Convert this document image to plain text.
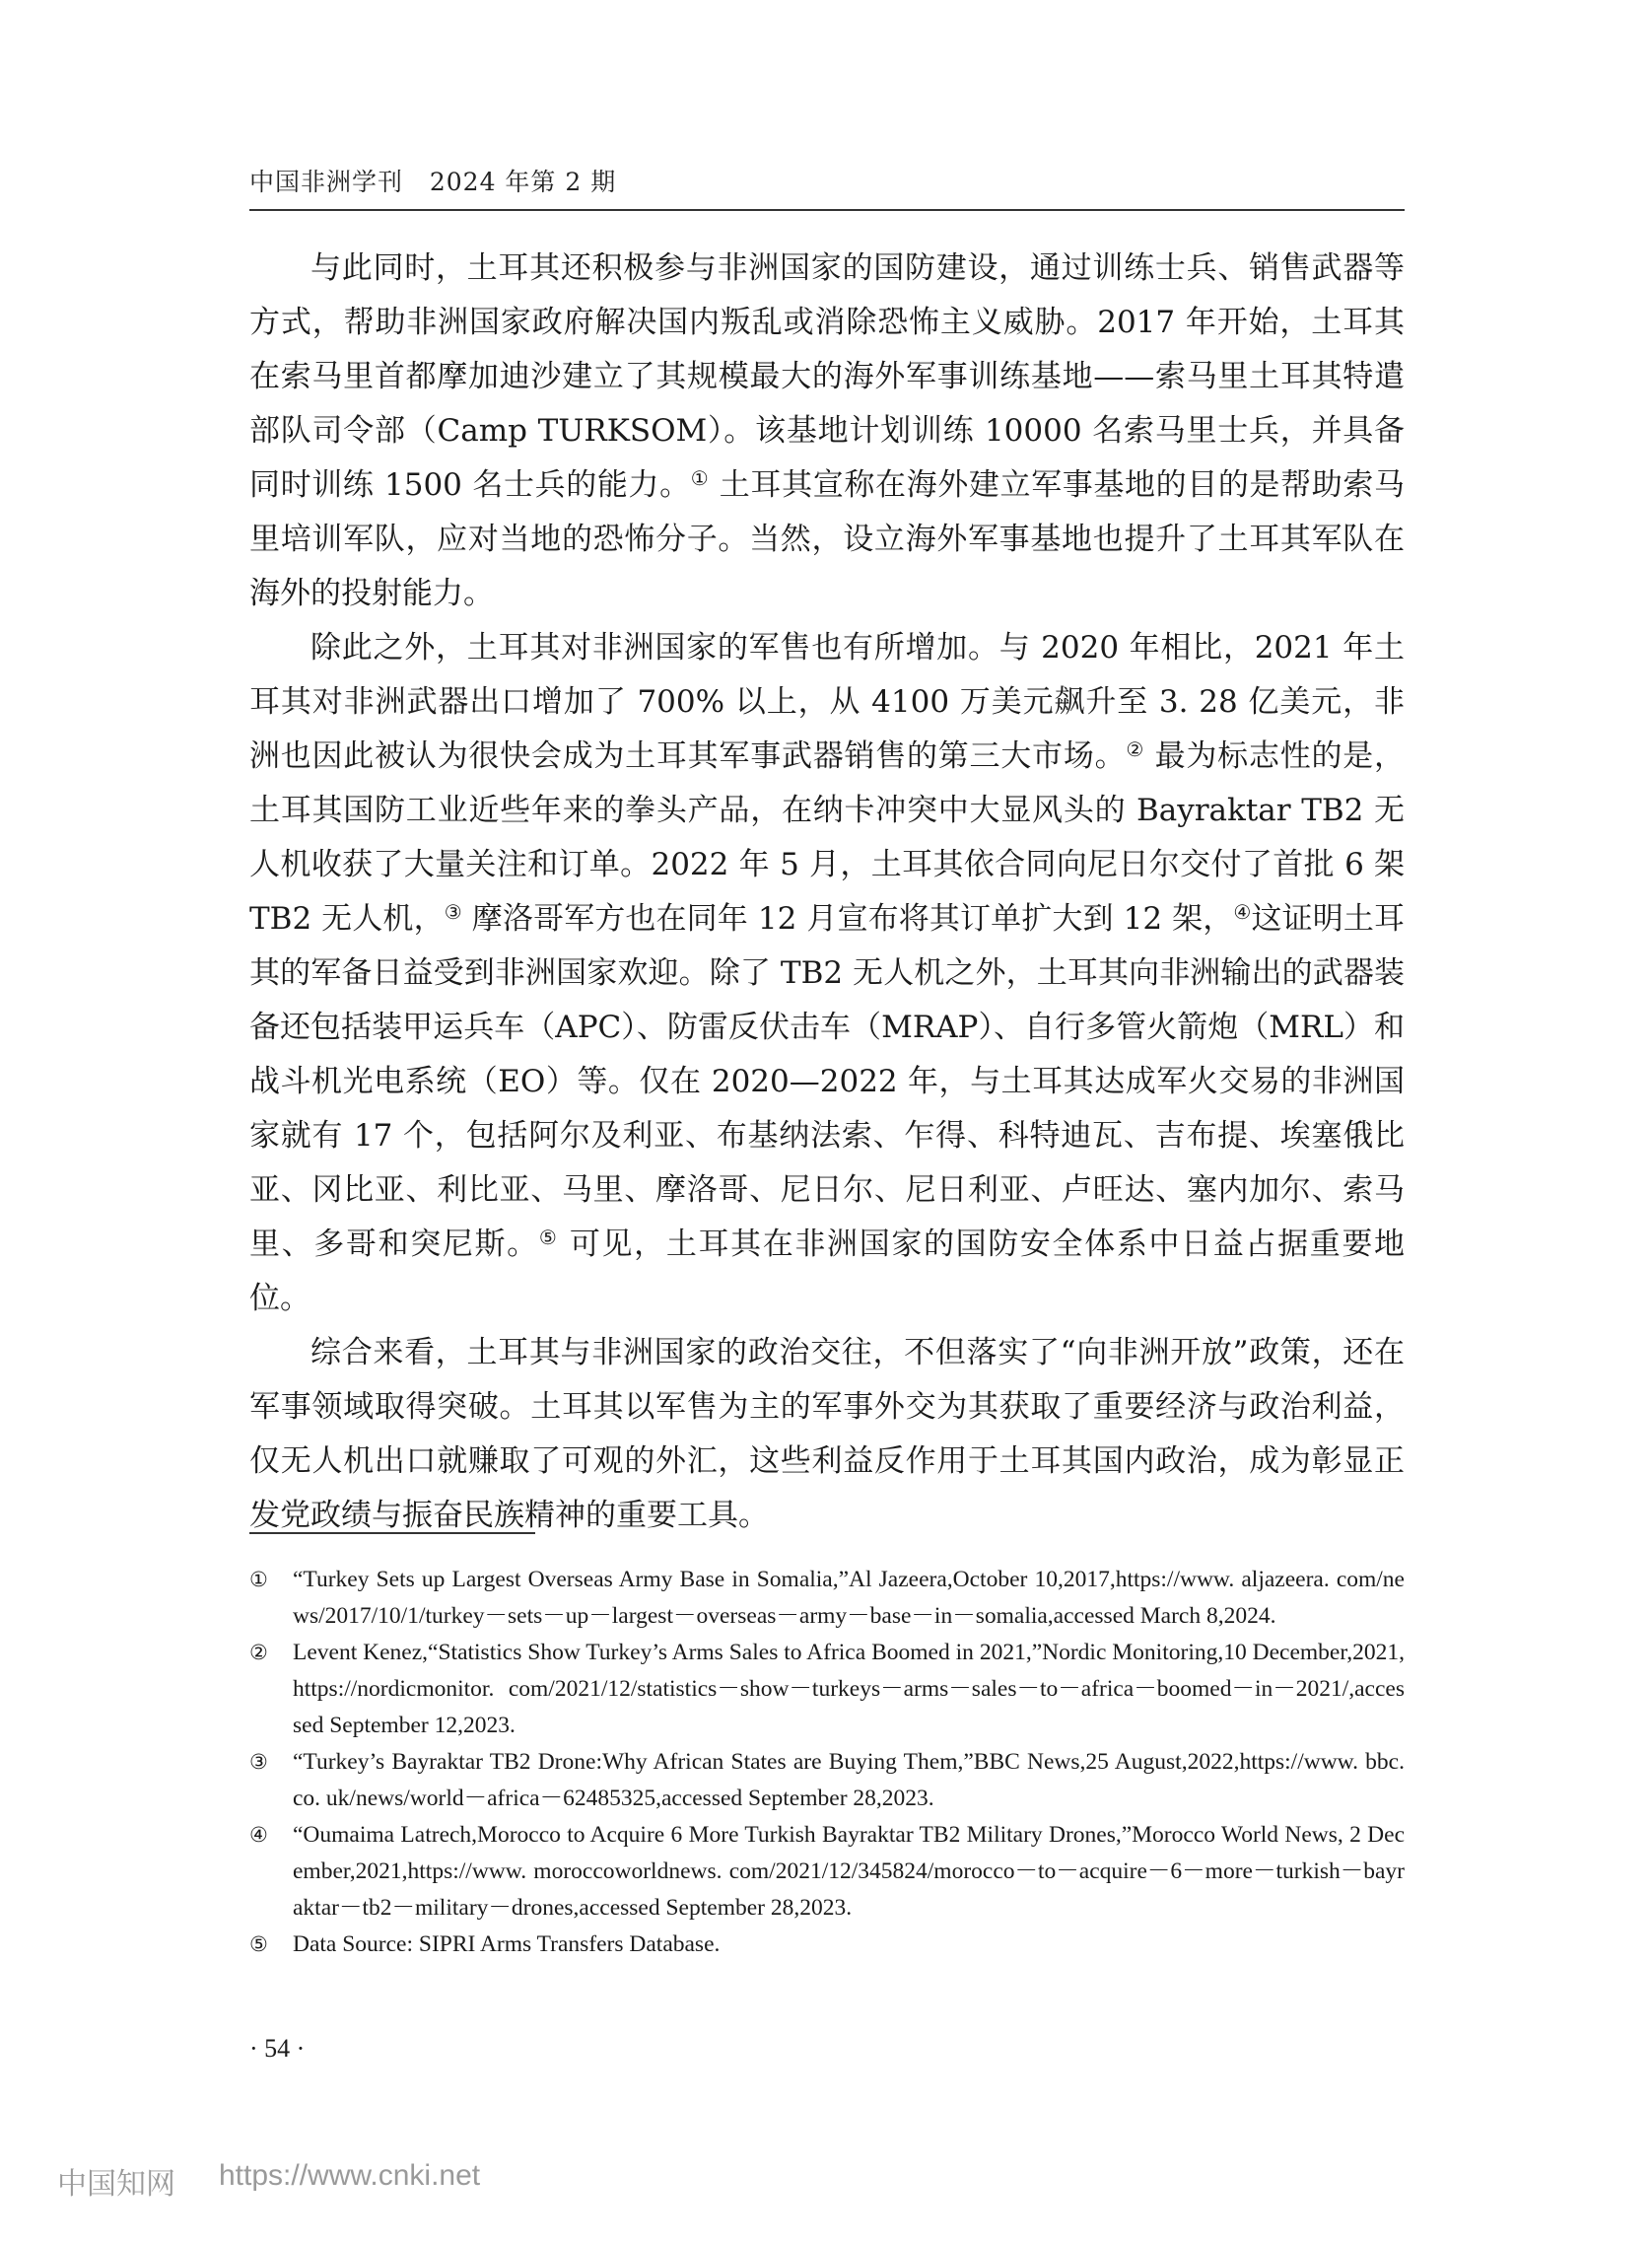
中国非洲学刊 2024 年第 2 期

与此同时，土耳其还积极参与非洲国家的国防建设，通过训练士兵、销售武器等方式，帮助非洲国家政府解决国内叛乱或消除恐怖主义威胁。2017 年开始，土耳其在索马里首都摩加迪沙建立了其规模最大的海外军事训练基地——索马里土耳其特遣部队司令部（Camp TURKSOM）。该基地计划训练 10000 名索马里士兵，并具备同时训练 1500 名士兵的能力。① 土耳其宣称在海外建立军事基地的目的是帮助索马里培训军队，应对当地的恐怖分子。当然，设立海外军事基地也提升了土耳其军队在海外的投射能力。

除此之外，土耳其对非洲国家的军售也有所增加。与 2020 年相比，2021 年土耳其对非洲武器出口增加了 700% 以上，从 4100 万美元飙升至 3. 28 亿美元，非洲也因此被认为很快会成为土耳其军事武器销售的第三大市场。② 最为标志性的是，土耳其国防工业近些年来的拳头产品，在纳卡冲突中大显风头的 Bayraktar TB2 无人机收获了大量关注和订单。2022 年 5 月，土耳其依合同向尼日尔交付了首批 6 架 TB2 无人机，③ 摩洛哥军方也在同年 12 月宣布将其订单扩大到 12 架，④这证明土耳其的军备日益受到非洲国家欢迎。除了 TB2 无人机之外，土耳其向非洲输出的武器装备还包括装甲运兵车（APC）、防雷反伏击车（MRAP）、自行多管火箭炮（MRL）和战斗机光电系统（EO）等。仅在 2020—2022 年，与土耳其达成军火交易的非洲国家就有 17 个，包括阿尔及利亚、布基纳法索、乍得、科特迪瓦、吉布提、埃塞俄比亚、冈比亚、利比亚、马里、摩洛哥、尼日尔、尼日利亚、卢旺达、塞内加尔、索马里、多哥和突尼斯。⑤ 可见，土耳其在非洲国家的国防安全体系中日益占据重要地位。

综合来看，土耳其与非洲国家的政治交往，不但落实了“向非洲开放”政策，还在军事领域取得突破。土耳其以军售为主的军事外交为其获取了重要经济与政治利益，仅无人机出口就赚取了可观的外汇，这些利益反作用于土耳其国内政治，成为彰显正发党政绩与振奋民族精神的重要工具。

①	“Turkey Sets up Largest Overseas Army Base in Somalia,”Al Jazeera,October 10,2017,https://www. aljazeera. com/news/2017/10/1/turkey－sets－up－largest－overseas－army－base－in－somalia,accessed March 8,2024.
②	Levent Kenez,“Statistics Show Turkey’s Arms Sales to Africa Boomed in 2021,”Nordic Monitoring,10 December,2021,https://nordicmonitor. com/2021/12/statistics－show－turkeys－arms－sales－to－africa－boomed－in－2021/,accessed September 12,2023.
③	“Turkey’s Bayraktar TB2 Drone:Why African States are Buying Them,”BBC News,25 August,2022,https://www. bbc. co. uk/news/world－africa－62485325,accessed September 28,2023.
④	“Oumaima Latrech,Morocco to Acquire 6 More Turkish Bayraktar TB2 Military Drones,”Morocco World News, 2 December,2021,https://www. moroccoworldnews. com/2021/12/345824/morocco－to－acquire－6－more－turkish－bayraktar－tb2－military－drones,accessed September 28,2023.
⑤	Data Source: SIPRI Arms Transfers Database.
· 54 ·
中国知网 https://www.cnki.net
